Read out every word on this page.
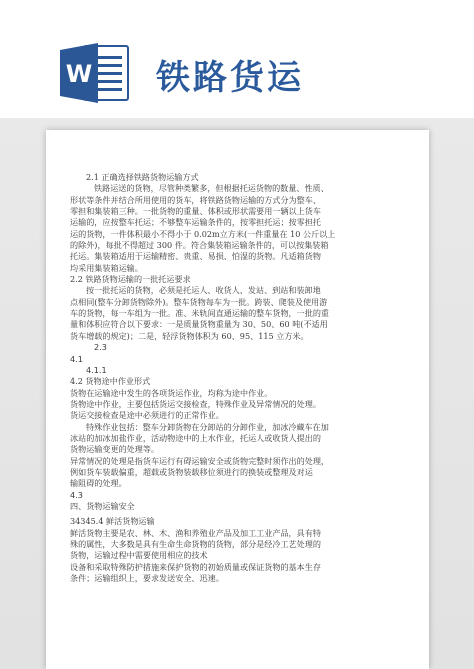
W 铁路货运
2.1 正确选择铁路货物运输方式
铁路运送的货物，尽管种类繁多，但根据托运货物的数量、性质、
形状等条件并结合所用使用的货车，将铁路货物运输的方式分为整车、
零担和集装箱三种。一批货物的重量、体积或形状需要用一辆以上货车
运输的，应按整车托运；不够整车运输条件的，按零担托运；按零担托
运的货物，一件体积最小不得小于 0.02m立方米(一件重量在 10 公斤以上
的除外)，每批不得超过 300 件。符合集装箱运输条件的，可以按集装箱
托运。集装箱适用于运输精密、贵重、易损、怕湿的货物。凡适箱货物
均采用集装箱运输。
2.2 铁路货物运输的一批托运要求
按一批托运的货物，必须是托运人、收货人、发站、到站和装卸地
点相同(整车分卸货物除外)。整车货物每车为一批。跨装、爬装及使用游
车的货物，每一车组为一批。准、米轨间直通运输的整车货物，一批的重
量和体积应符合以下要求：一是质量货物重量为 30、50、60 吨(不适用
货车增载的规定)；二是，轻浮货物体积为 60、95、115 立方米。
2.3
4.1
4.1.1
4.2 货物途中作业形式
货物在运输途中发生的各项货运作业，均称为途中作业。
货物途中作业，主要包括货运交接检查，特殊作业及异常情况的处理。
货运交接检查是途中必须进行的正常作业。
特殊作业包括：整车分卸货物在分卸站的分卸作业，加冰冷藏车在加
冰站的加冰加盐作业，活动物途中的上水作业，托运人或收货人提出的
货物运输变更的处理等。
异常情况的处理是指货车运行有碍运输安全或货物完整时须作出的处理，
例如货车装载偏重，超载或货物装载移位须进行的换装或整理及对运
输阻碍的处理。
4.3
四、货物运输安全
34345.4 鲜活货物运输
鲜活货物主要是农、林、木、渔和养殖业产品及加工工业产品，具有特
殊的属性，大多数是具有生命生命货物的货物，部分是经冷工艺处理的
货物，运输过程中需要使用相应的技术
设备和采取特殊防护措施来保护货物的初始质量或保证货物的基本生存
条件；运输组织上，要求发送安全、迅速。
